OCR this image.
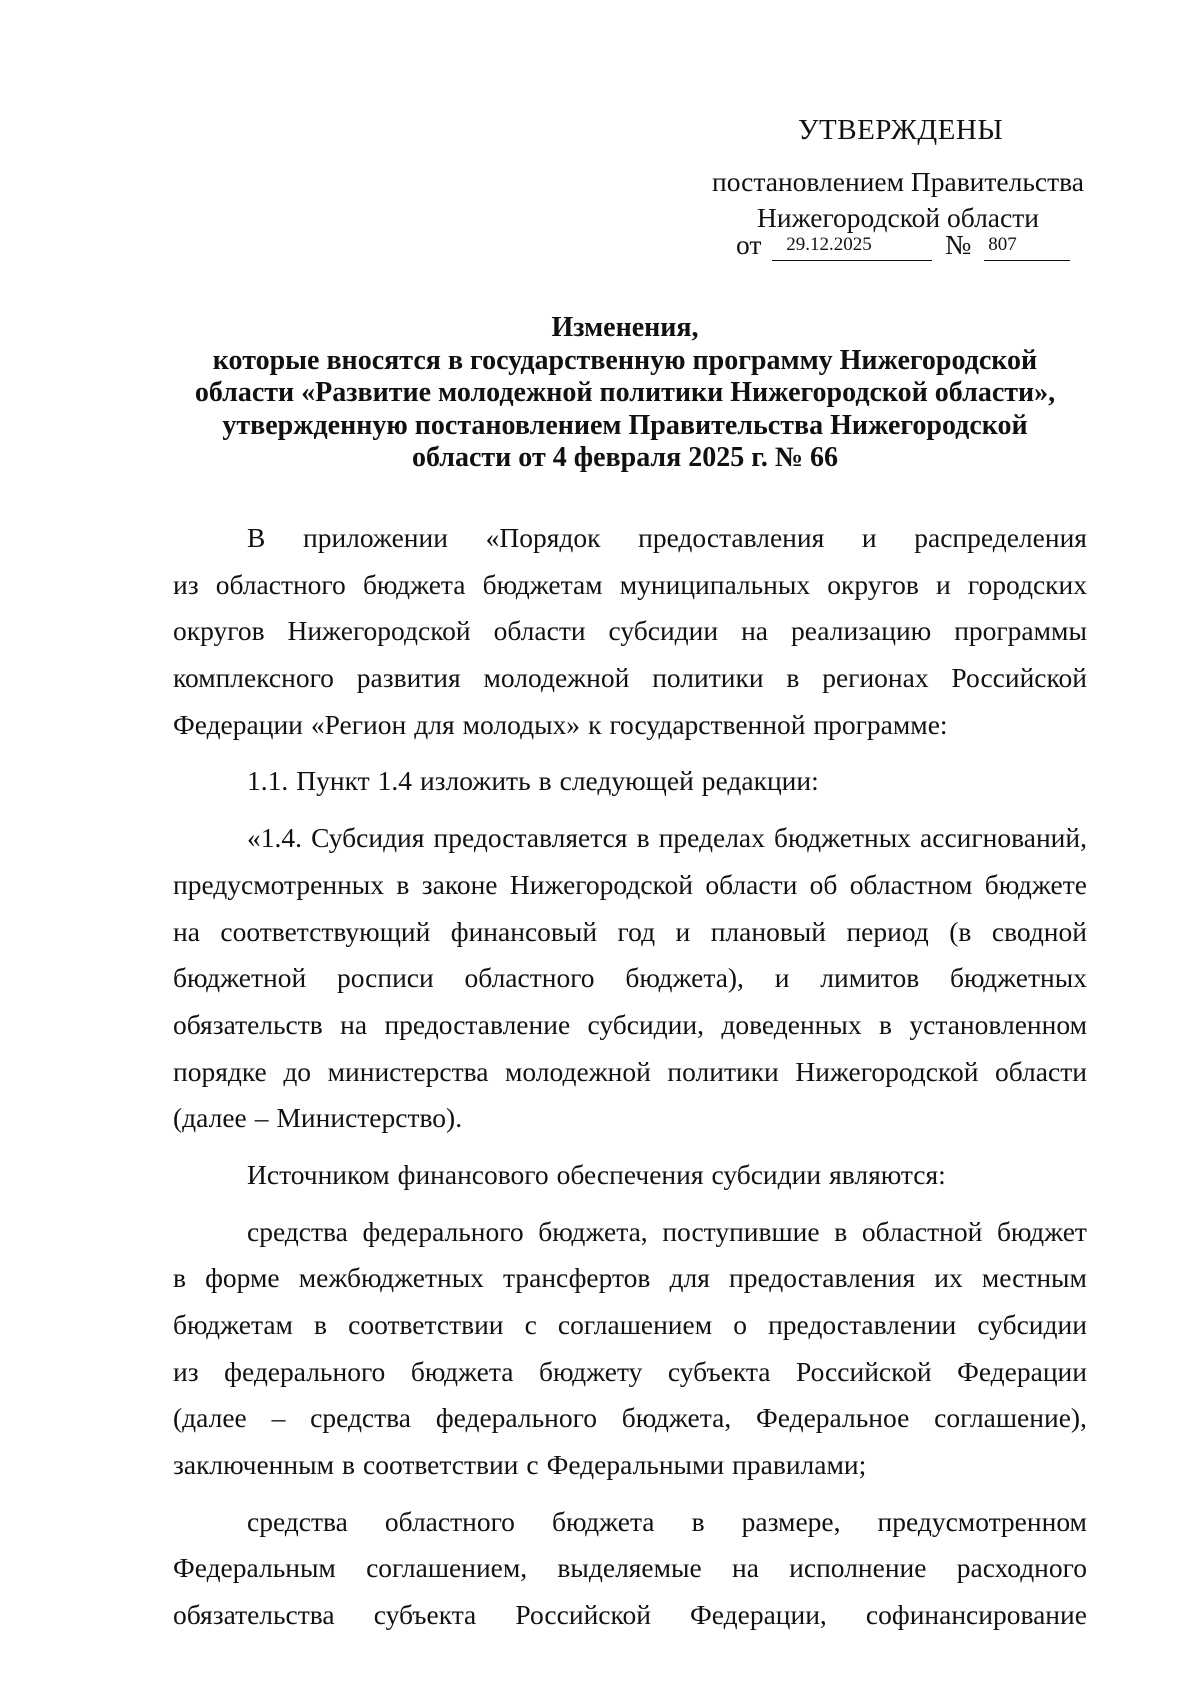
УТВЕРЖДЕНЫ
постановлением Правительства
Нижегородской области
от 29.12.2025	№ 807
Изменения,
которые вносятся в государственную программу Нижегородской
области «Развитие молодежной политики Нижегородской области»,
утвержденную постановлением Правительства Нижегородской
области от 4 февраля 2025 г. № 66
В приложении «Порядок предоставления и распределения
из областного бюджета бюджетам муниципальных округов и городских
округов Нижегородской области субсидии на реализацию программы
комплексного развития молодежной политики в регионах Российской
Федерации «Регион для молодых» к государственной программе:
1.1. Пункт 1.4 изложить в следующей редакции:
«1.4. Субсидия предоставляется в пределах бюджетных ассигнований,
предусмотренных в законе Нижегородской области об областном бюджете
на соответствующий финансовый год и плановый период (в сводной
бюджетной росписи областного бюджета), и лимитов бюджетных
обязательств на предоставление субсидии, доведенных в установленном
порядке до министерства молодежной политики Нижегородской области
(далее – Министерство).
Источником финансового обеспечения субсидии являются:
средства федерального бюджета, поступившие в областной бюджет
в форме межбюджетных трансфертов для предоставления их местным
бюджетам в соответствии с соглашением о предоставлении субсидии
из федерального бюджета бюджету субъекта Российской Федерации
(далее – средства федерального бюджета, Федеральное соглашение),
заключенным в соответствии с Федеральными правилами;
средства областного бюджета в размере, предусмотренном
Федеральным соглашением, выделяемые на исполнение расходного
обязательства субъекта Российской Федерации, софинансирование
